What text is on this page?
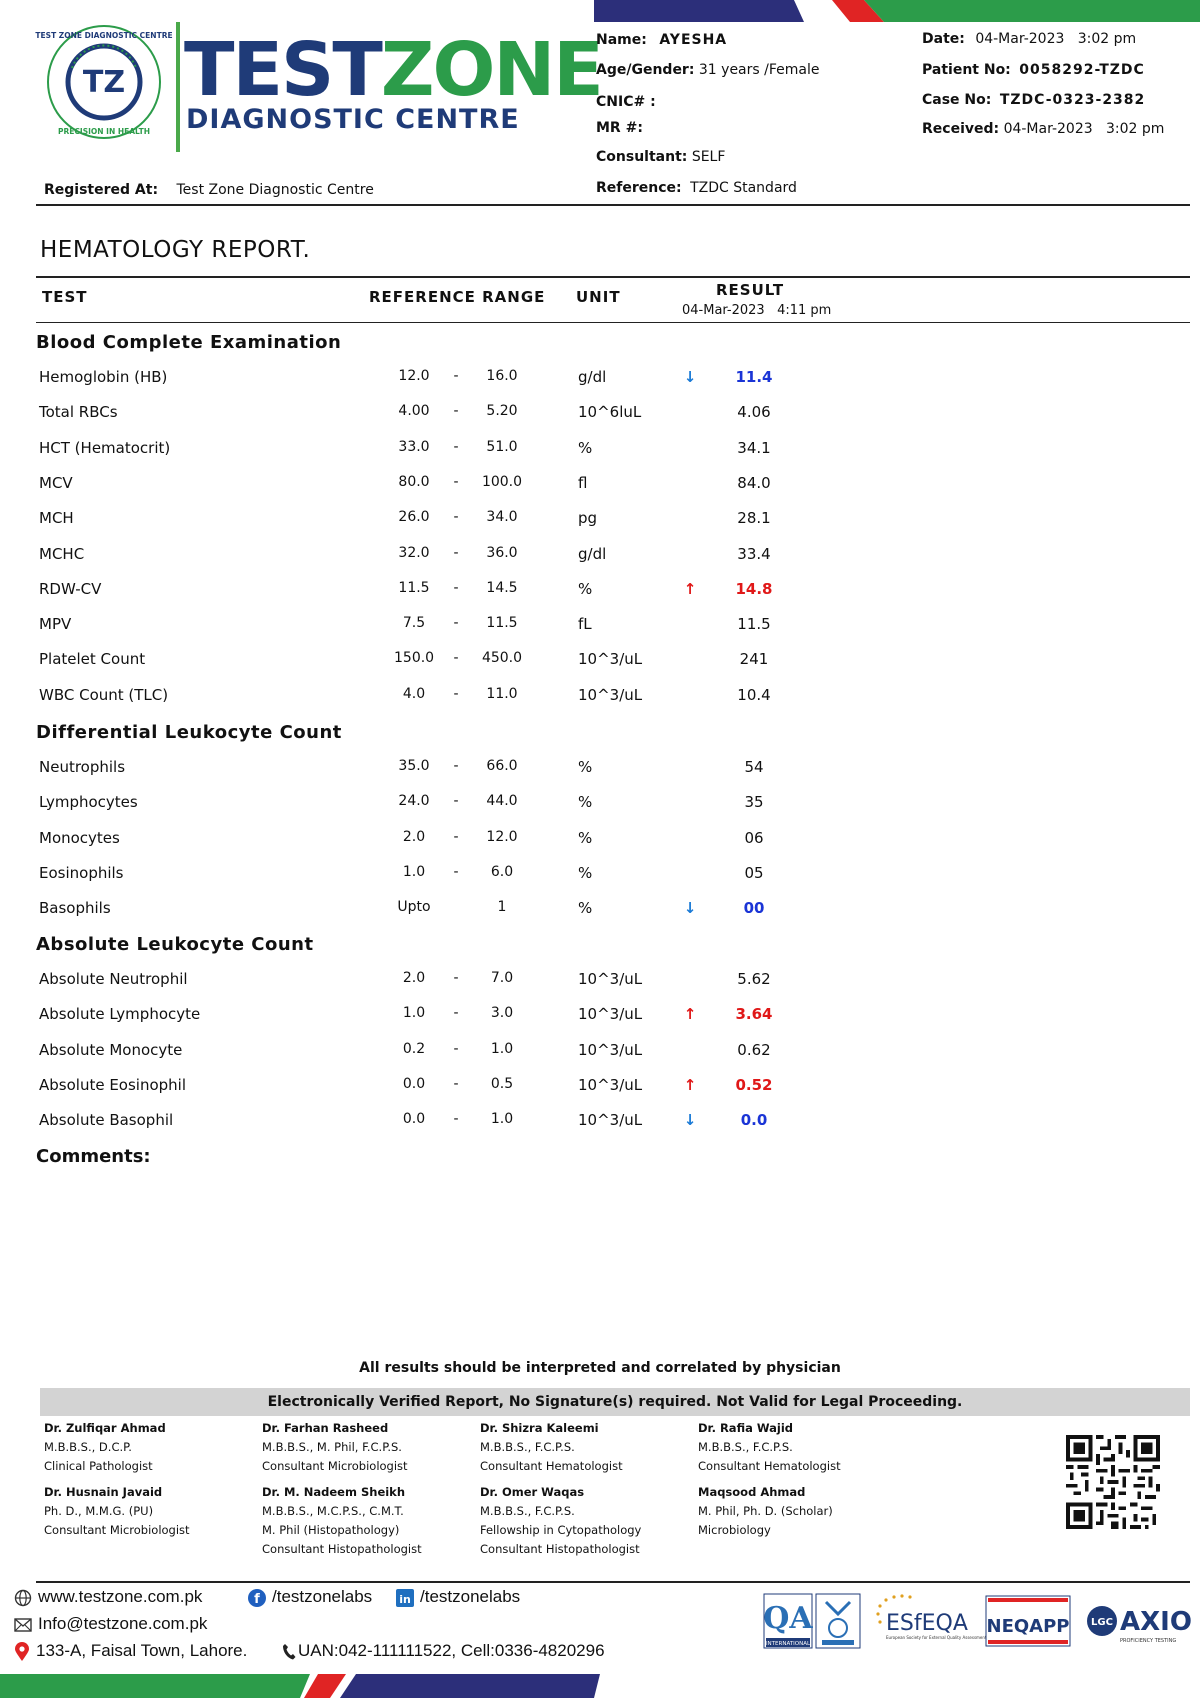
TZ
TEST ZONE DIAGNOSTIC CENTRE
PRECISION IN HEALTH
TESTZONE
DIAGNOSTIC CENTRE
Registered At: Test Zone Diagnostic Centre
Name: AYESHA
Age/Gender: 31 years /Female
CNIC# :
MR #:
Consultant: SELF
Reference: TZDC Standard
Date: 04-Mar-2023   3:02 pm
Patient No: 0058292-TZDC
Case No: TZDC-0323-2382
Received: 04-Mar-2023   3:02 pm
HEMATOLOGY REPORT.
TEST	REFERENCE RANGE UNIT	RESULT
04-Mar-2023   4:11 pm
Blood Complete Examination
Hemoglobin (HB)	12.0	-	16.0	g/dl	↓	11.4
Total RBCs	4.00	-	5.20	10^6luL	4.06
HCT (Hematocrit)	33.0	-	51.0	%	34.1
MCV	80.0	- 100.0	fl	84.0
MCH	26.0	-	34.0	pg	28.1
MCHC	32.0	-	36.0	g/dl	33.4
RDW-CV	11.5	-	14.5	%	↑	14.8
MPV	7.5	-	11.5	fL	11.5
Platelet Count	150.0 - 450.0	10^3/uL	241
WBC Count (TLC)	4.0	-	11.0	10^3/uL	10.4
Differential Leukocyte Count
Neutrophils	35.0	-	66.0	%	54
Lymphocytes	24.0	-	44.0	%	35
Monocytes	2.0	-	12.0	%	06
Eosinophils	1.0	-	6.0	%	05
Basophils	Upto	1	%	↓	00
Absolute Leukocyte Count
Absolute Neutrophil	2.0	-	7.0	10^3/uL	5.62
Absolute Lymphocyte	1.0	-	3.0	10^3/uL	↑	3.64
Absolute Monocyte	0.2	-	1.0	10^3/uL	0.62
Absolute Eosinophil	0.0	-	0.5	10^3/uL	↑	0.52
Absolute Basophil	0.0	-	1.0	10^3/uL	↓	0.0
Comments:
All results should be interpreted and correlated by physician
Electronically Verified Report, No Signature(s) required. Not Valid for Legal Proceeding.
Dr. Zulfiqar Ahmad
M.B.B.S., D.C.P.
Clinical Pathologist
Dr. Farhan Rasheed
M.B.B.S., M. Phil, F.C.P.S.
Consultant Microbiologist
Dr. Shizra Kaleemi
M.B.B.S., F.C.P.S.
Consultant Hematologist
Dr. Rafia Wajid
M.B.B.S., F.C.P.S.
Consultant Hematologist
Dr. Husnain Javaid
Ph. D., M.M.G. (PU)
Consultant Microbiologist
Dr. M. Nadeem Sheikh
M.B.B.S., M.C.P.S., C.M.T.
M. Phil (Histopathology)
Consultant Histopathologist
Dr. Omer Waqas
M.B.B.S., F.C.P.S.
Fellowship in Cytopathology
Consultant Histopathologist
Maqsood Ahmad
M. Phil, Ph. D. (Scholar)
Microbiology
www.testzone.com.pk	f /testzonelabs in /testzonelabs
Info@testzone.com.pk
133-A, Faisal Town, Lahore.	UAN:042-111111522, Cell:0336-4820296
QA
INTERNATIONAL
ESfEQA
European Society for External Quality Assessment
NEQAPP LGC AXIO
PROFICIENCY TESTING
